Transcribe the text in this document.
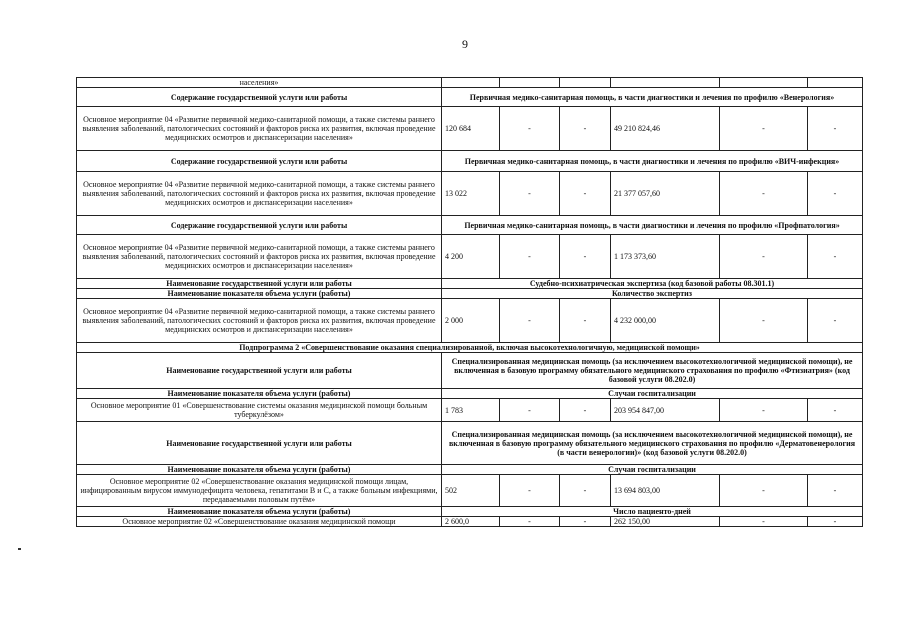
9
населения»						
Содержание государственной услуги или работы	Первичная медико-санитарная помощь, в части диагностики и лечения по профилю «Венерология»					
Основное мероприятие 04 «Развитие первичной медико-санитарной помощи, а также системы раннего выявления заболеваний, патологических состояний и факторов риска их развития, включая проведение медицинских осмотров и диспансеризации населения»	120 684	-	-	49 210 824,46	-	-
Содержание государственной услуги или работы	Первичная медико-санитарная помощь, в части диагностики и лечения по профилю «ВИЧ-инфекция»					
Основное мероприятие 04 «Развитие первичной медико-санитарной помощи, а также системы раннего выявления заболеваний, патологических состояний и факторов риска их развития, включая проведение медицинских осмотров и диспансеризации населения»	13 022	-	-	21 377 057,60	-	-
Содержание государственной услуги или работы	Первичная медико-санитарная помощь, в части диагностики и лечения по профилю «Профпатология»					
Основное мероприятие 04 «Развитие первичной медико-санитарной помощи, а также системы раннего выявления заболеваний, патологических состояний и факторов риска их развития, включая проведение медицинских осмотров и диспансеризации населения»	4 200	-	-	1 173 373,60	-	-
Наименование государственной услуги или работы	Судебно-психиатрическая экспертиза (код базовой работы 08.301.1)					
Наименование показателя объема услуги (работы)	Количество экспертиз					
Основное мероприятие 04 «Развитие первичной медико-санитарной помощи, а также системы раннего выявления заболеваний, патологических состояний и факторов риска их развития, включая проведение медицинских осмотров и диспансеризации населения»	2 000	-	-	4 232 000,00	-	-
Подпрограмма 2 «Совершенствование оказания специализированной, включая высокотехнологичную, медицинской помощи»						
Наименование государственной услуги или работы	Специализированная медицинская помощь (за исключением высокотехнологичной медицинской помощи), не включенная в базовую программу обязательного медицинского страхования по профилю «Фтизиатрия» (код базовой услуги 08.202.0)					
Наименование показателя объема услуги (работы)	Случаи госпитализации					
Основное мероприятие 01 «Совершенствование системы оказания медицинской помощи больным туберкулёзом»	1 783	-	-	203 954 847,00	-	-
Наименование государственной услуги или работы	Специализированная медицинская помощь (за исключением высокотехнологичной медицинской помощи), не включенная в базовую программу обязательного медицинского страхования по профилю «Дерматовенерология (в части венерологии)» (код базовой услуги 08.202.0)					
Наименование показателя объема услуги (работы)	Случаи госпитализации					
Основное мероприятие 02 «Совершенствование оказания медицинской помощи лицам, инфицированным вирусом иммунодефицита человека, гепатитами В и С, а также больным инфекциями, передаваемыми половым путём»	502	-	-	13 694 803,00	-	-
Наименование показателя объема услуги (работы)	Число пациенто-дней					
Основное мероприятие 02 «Совершенствование оказания медицинской помощи	2 600,0	-	-	262 150,00	-	-
